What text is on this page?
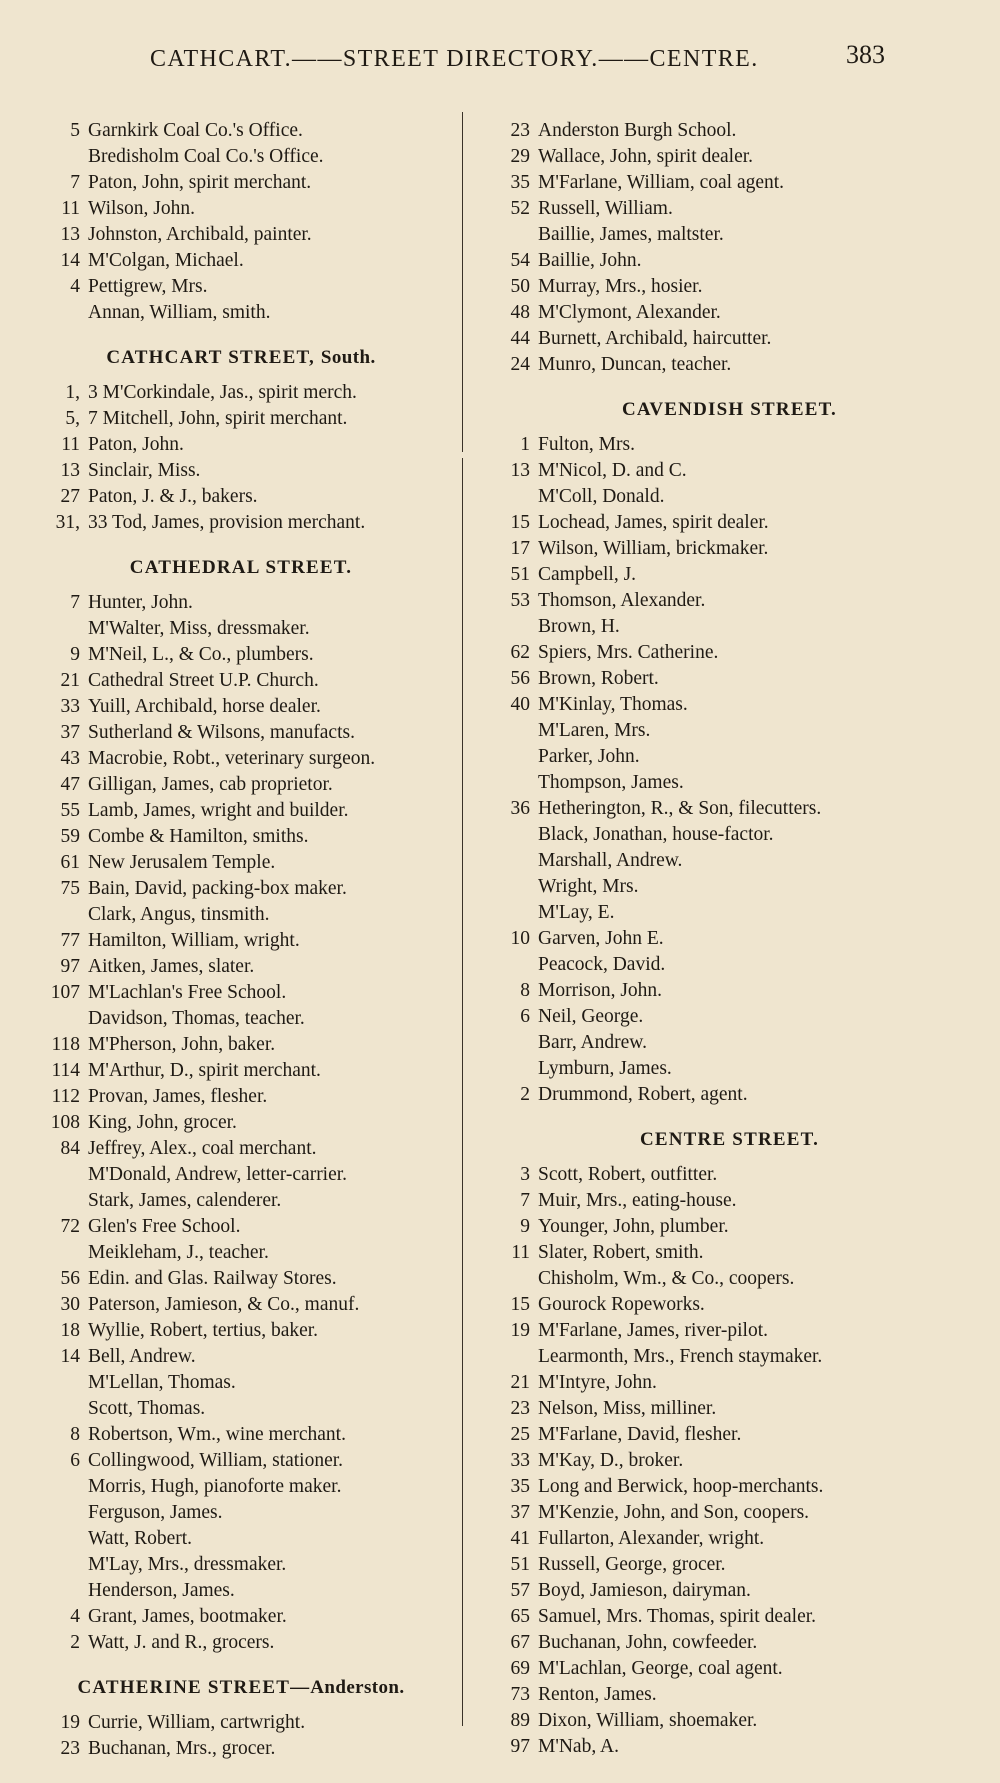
CATHCART.——STREET DIRECTORY.——CENTRE.	383
5 Garnkirk Coal Co.'s Office.
Bredisholm Coal Co.'s Office.
7 Paton, John, spirit merchant.
11 Wilson, John.
13 Johnston, Archibald, painter.
14 M'Colgan, Michael.
4 Pettigrew, Mrs.
Annan, William, smith.
CATHCART STREET, South.
1, 3 M'Corkindale, Jas., spirit merch.
5, 7 Mitchell, John, spirit merchant.
11 Paton, John.
13 Sinclair, Miss.
27 Paton, J. & J., bakers.
31, 33 Tod, James, provision merchant.
CATHEDRAL STREET.
7 Hunter, John.
M'Walter, Miss, dressmaker.
9 M'Neil, L., & Co., plumbers.
21 Cathedral Street U.P. Church.
33 Yuill, Archibald, horse dealer.
37 Sutherland & Wilsons, manufacts.
43 Macrobie, Robt., veterinary surgeon.
47 Gilligan, James, cab proprietor.
55 Lamb, James, wright and builder.
59 Combe & Hamilton, smiths.
61 New Jerusalem Temple.
75 Bain, David, packing-box maker.
Clark, Angus, tinsmith.
77 Hamilton, William, wright.
97 Aitken, James, slater.
107 M'Lachlan's Free School.
Davidson, Thomas, teacher.
118 M'Pherson, John, baker.
114 M'Arthur, D., spirit merchant.
112 Provan, James, flesher.
108 King, John, grocer.
84 Jeffrey, Alex., coal merchant.
M'Donald, Andrew, letter-carrier.
Stark, James, calenderer.
72 Glen's Free School.
Meikleham, J., teacher.
56 Edin. and Glas. Railway Stores.
30 Paterson, Jamieson, & Co., manuf.
18 Wyllie, Robert, tertius, baker.
14 Bell, Andrew.
M'Lellan, Thomas.
Scott, Thomas.
8 Robertson, Wm., wine merchant.
6 Collingwood, William, stationer.
Morris, Hugh, pianoforte maker.
Ferguson, James.
Watt, Robert.
M'Lay, Mrs., dressmaker.
Henderson, James.
4 Grant, James, bootmaker.
2 Watt, J. and R., grocers.
CATHERINE STREET—Anderston.
19 Currie, William, cartwright.
23 Buchanan, Mrs., grocer.
23 Anderston Burgh School.
29 Wallace, John, spirit dealer.
35 M'Farlane, William, coal agent.
52 Russell, William.
Baillie, James, maltster.
54 Baillie, John.
50 Murray, Mrs., hosier.
48 M'Clymont, Alexander.
44 Burnett, Archibald, haircutter.
24 Munro, Duncan, teacher.
CAVENDISH STREET.
1 Fulton, Mrs.
13 M'Nicol, D. and C.
M'Coll, Donald.
15 Lochead, James, spirit dealer.
17 Wilson, William, brickmaker.
51 Campbell, J.
53 Thomson, Alexander.
Brown, H.
62 Spiers, Mrs. Catherine.
56 Brown, Robert.
40 M'Kinlay, Thomas.
M'Laren, Mrs.
Parker, John.
Thompson, James.
36 Hetherington, R., & Son, filecutters.
Black, Jonathan, house-factor.
Marshall, Andrew.
Wright, Mrs.
M'Lay, E.
10 Garven, John E.
Peacock, David.
8 Morrison, John.
6 Neil, George.
Barr, Andrew.
Lymburn, James.
2 Drummond, Robert, agent.
CENTRE STREET.
3 Scott, Robert, outfitter.
7 Muir, Mrs., eating-house.
9 Younger, John, plumber.
11 Slater, Robert, smith.
Chisholm, Wm., & Co., coopers.
15 Gourock Ropeworks.
19 M'Farlane, James, river-pilot.
Learmonth, Mrs., French staymaker.
21 M'Intyre, John.
23 Nelson, Miss, milliner.
25 M'Farlane, David, flesher.
33 M'Kay, D., broker.
35 Long and Berwick, hoop-merchants.
37 M'Kenzie, John, and Son, coopers.
41 Fullarton, Alexander, wright.
51 Russell, George, grocer.
57 Boyd, Jamieson, dairyman.
65 Samuel, Mrs. Thomas, spirit dealer.
67 Buchanan, John, cowfeeder.
69 M'Lachlan, George, coal agent.
73 Renton, James.
89 Dixon, William, shoemaker.
97 M'Nab, A.
